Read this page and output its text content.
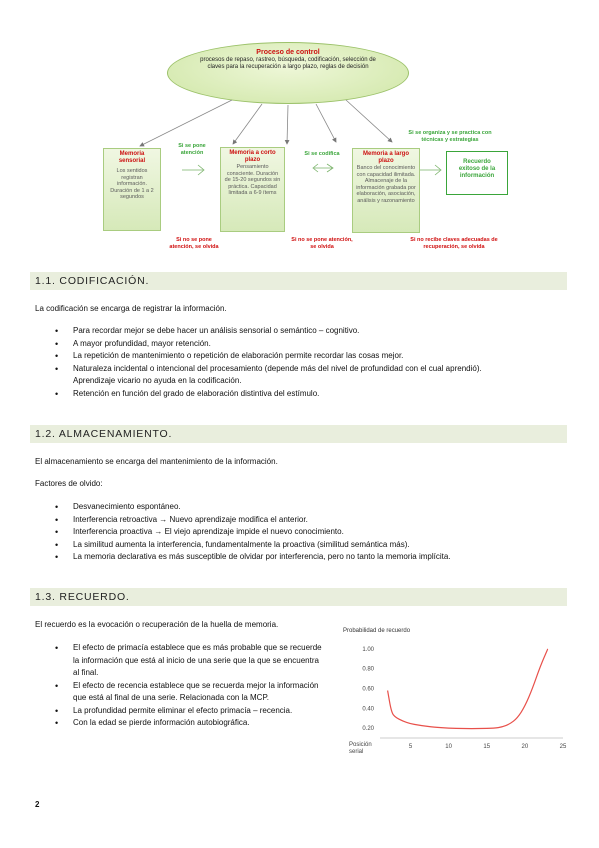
Proceso de control
procesos de repaso, rastreo, búsqueda, codificación, selección de claves para la recuperación a largo plazo, reglas de decisión
Memoria sensorial
Los sentidos registran información. Duración de 1 a 2 segundos
Si se pone atención	Memoria a corto plazo
Pensamiento consciente. Duración de 15-20 segundos sin práctica. Capacidad limitada a 6-9 ítems
Si se codifica	Memoria a largo plazo
Banco del conocimiento con capacidad ilimitada. Almacenaje de la información grabada por elaboración, asociación, análisis y razonamiento
Si se organiza y se practica con técnicas y estrategias
Recuerdo
exitoso de la información
Si no se pone atención, se olvida
Si no se pone atención, se olvida
Si no recibe claves adecuadas de recuperación, se olvida
1.1. CODIFICACIÓN.
La codificación se encarga de registrar la información.
• Para recordar mejor se debe hacer un análisis sensorial o semántico – cognitivo.
• A mayor profundidad, mayor retención.
• La repetición de mantenimiento o repetición de elaboración permite recordar las cosas mejor.
• Naturaleza incidental o intencional del procesamiento (depende más del nivel de profundidad con el cual aprendió).
Aprendizaje vicario no ayuda en la codificación.
• Retención en función del grado de elaboración distintiva del estímulo.
1.2. ALMACENAMIENTO.
El almacenamiento se encarga del mantenimiento de la información.
Factores de olvido:
• Desvanecimiento espontáneo.
• Interferencia retroactiva → Nuevo aprendizaje modifica el anterior.
• Interferencia proactiva → El viejo aprendizaje impide el nuevo conocimiento.
• La similitud aumenta la interferencia, fundamentalmente la proactiva (similitud semántica más).
• La memoria declarativa es más susceptible de olvidar por interferencia, pero no tanto la memoria implícita.
1.3. RECUERDO.
El recuerdo es la evocación o recuperación de la huella de memoria.
• El efecto de primacía establece que es más probable que se recuerde la información que está al inicio de una serie que la que se encuentra al final.
• El efecto de recencia establece que se recuerda mejor la información que está al final de una serie. Relacionada con la MCP.
• La profundidad permite eliminar el efecto primacía – recencia.
• Con la edad se pierde información autobiográfica.
Probabilidad de recuerdo
5	10	15	20	25
1.00
0.80
0.60
0.40
0.20
Posición
serial
2
